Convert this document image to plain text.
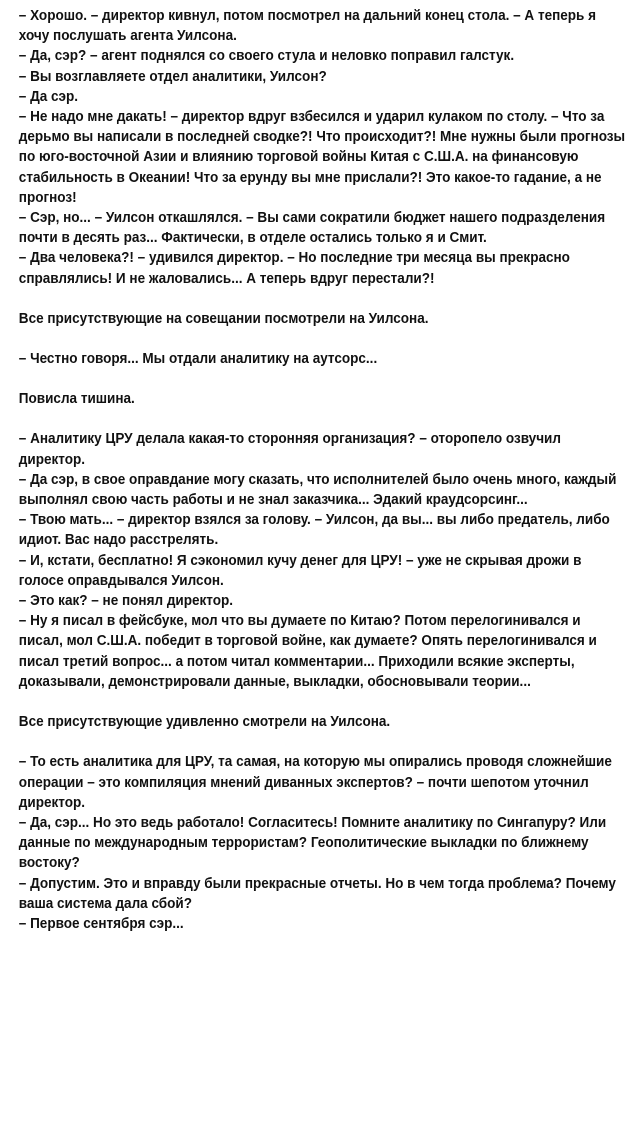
– Хорошо. – директор кивнул, потом посмотрел на дальний конец стола. – А теперь я хочу послушать агента Уилсона.

– Да, сэр? – агент поднялся со своего стула и неловко поправил галстук.

– Вы возглавляете отдел аналитики, Уилсон?

– Да сэр.

– Не надо мне дакать! – директор вдруг взбесился и ударил кулаком по столу. – Что за дерьмо вы написали в последней сводке?! Что происходит?! Мне нужны были прогнозы по юго-восточной Азии и влиянию торговой войны Китая с С.Ш.А. на финансовую стабильность в Океании! Что за ерунду вы мне прислали?! Это какое-то гадание, а не прогноз!

– Сэр, но... – Уилсон откашлялся. – Вы сами сократили бюджет нашего подразделения почти в десять раз... Фактически, в отделе остались только я и Смит.

– Два человека?! – удивился директор. – Но последние три месяца вы прекрасно справлялись! И не жаловались... А теперь вдруг перестали?!

Все присутствующие на совещании посмотрели на Уилсона.

– Честно говоря... Мы отдали аналитику на аутсорс...

Повисла тишина.

– Аналитику ЦРУ делала какая-то сторонняя организация? – оторопело озвучил директор.

– Да сэр, в свое оправдание могу сказать, что исполнителей было очень много, каждый выполнял свою часть работы и не знал заказчика... Эдакий краудсорсинг...

– Твою мать... – директор взялся за голову. – Уилсон, да вы... вы либо предатель, либо идиот. Вас надо расстрелять.

– И, кстати, бесплатно! Я сэкономил кучу денег для ЦРУ! – уже не скрывая дрожи в голосе оправдывался Уилсон.

– Это как? – не понял директор.

– Ну я писал в фейсбуке, мол что вы думаете по Китаю? Потом перелогинивался и писал, мол С.Ш.А. победит в торговой войне, как думаете? Опять перелогинивался и писал третий вопрос... а потом читал комментарии... Приходили всякие эксперты, доказывали, демонстрировали данные, выкладки, обосновывали теории...

Все присутствующие удивленно смотрели на Уилсона.

– То есть аналитика для ЦРУ, та самая, на которую мы опирались проводя сложнейшие операции – это компиляция мнений диванных экспертов? – почти шепотом уточнил директор.

– Да, сэр... Но это ведь работало! Согласитесь! Помните аналитику по Сингапуру? Или данные по международным террористам? Геополитические выкладки по ближнему востоку?

– Допустим. Это и вправду были прекрасные отчеты. Но в чем тогда проблема? Почему ваша система дала сбой?

– Первое сентября сэр...
